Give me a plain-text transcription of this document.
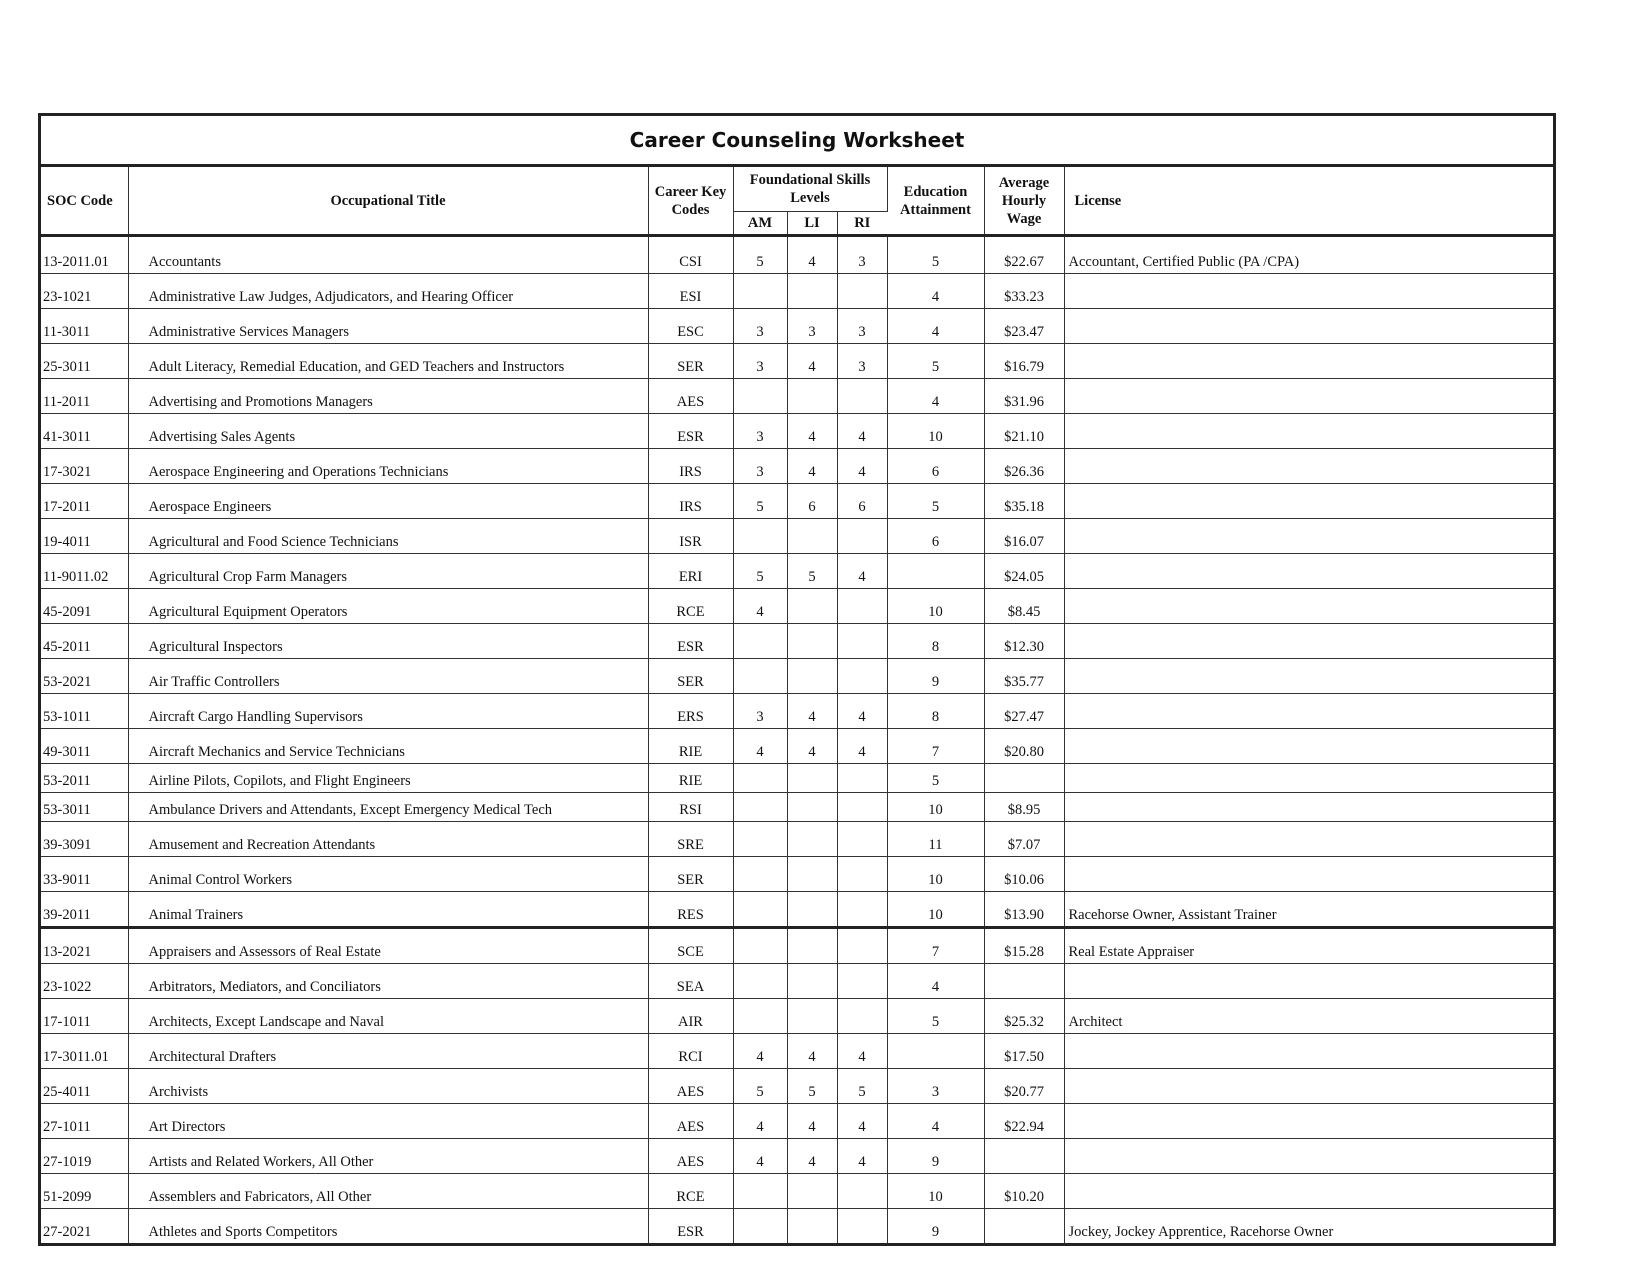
Career Counseling Worksheet
SOC Code	Occupational Title	Career Key Codes	Foundational Skills Levels			Education Attainment	Average Hourly Wage	License
			AM	LI	RI			
13-2011.01	Accountants	CSI	5	4	3	5	$22.67	Accountant, Certified Public (PA /CPA)
23-1021	Administrative Law Judges, Adjudicators, and Hearing Officer	ESI				4	$33.23	
11-3011	Administrative Services Managers	ESC	3	3	3	4	$23.47	
25-3011	Adult Literacy, Remedial Education, and GED Teachers and Instructors	SER	3	4	3	5	$16.79	
11-2011	Advertising and Promotions Managers	AES				4	$31.96	
41-3011	Advertising Sales Agents	ESR	3	4	4	10	$21.10	
17-3021	Aerospace Engineering and Operations Technicians	IRS	3	4	4	6	$26.36	
17-2011	Aerospace Engineers	IRS	5	6	6	5	$35.18	
19-4011	Agricultural and Food Science Technicians	ISR				6	$16.07	
11-9011.02	Agricultural Crop Farm Managers	ERI	5	5	4		$24.05	
45-2091	Agricultural Equipment Operators	RCE	4			10	$8.45	
45-2011	Agricultural Inspectors	ESR				8	$12.30	
53-2021	Air Traffic Controllers	SER				9	$35.77	
53-1011	Aircraft Cargo Handling Supervisors	ERS	3	4	4	8	$27.47	
49-3011	Aircraft Mechanics and Service Technicians	RIE	4	4	4	7	$20.80	
53-2011	Airline Pilots, Copilots, and Flight Engineers	RIE				5		
53-3011	Ambulance Drivers and Attendants, Except Emergency Medical Tech	RSI				10	$8.95	
39-3091	Amusement and Recreation Attendants	SRE				11	$7.07	
33-9011	Animal Control Workers	SER				10	$10.06	
39-2011	Animal Trainers	RES				10	$13.90	Racehorse Owner, Assistant Trainer
13-2021	Appraisers and Assessors of Real Estate	SCE				7	$15.28	Real Estate Appraiser
23-1022	Arbitrators, Mediators, and Conciliators	SEA				4		
17-1011	Architects, Except Landscape and Naval	AIR				5	$25.32	Architect
17-3011.01	Architectural Drafters	RCI	4	4	4		$17.50	
25-4011	Archivists	AES	5	5	5	3	$20.77	
27-1011	Art Directors	AES	4	4	4	4	$22.94	
27-1019	Artists and Related Workers, All Other	AES	4	4	4	9		
51-2099	Assemblers and Fabricators, All Other	RCE				10	$10.20	
27-2021	Athletes and Sports Competitors	ESR				9		Jockey, Jockey Apprentice, Racehorse Owner
